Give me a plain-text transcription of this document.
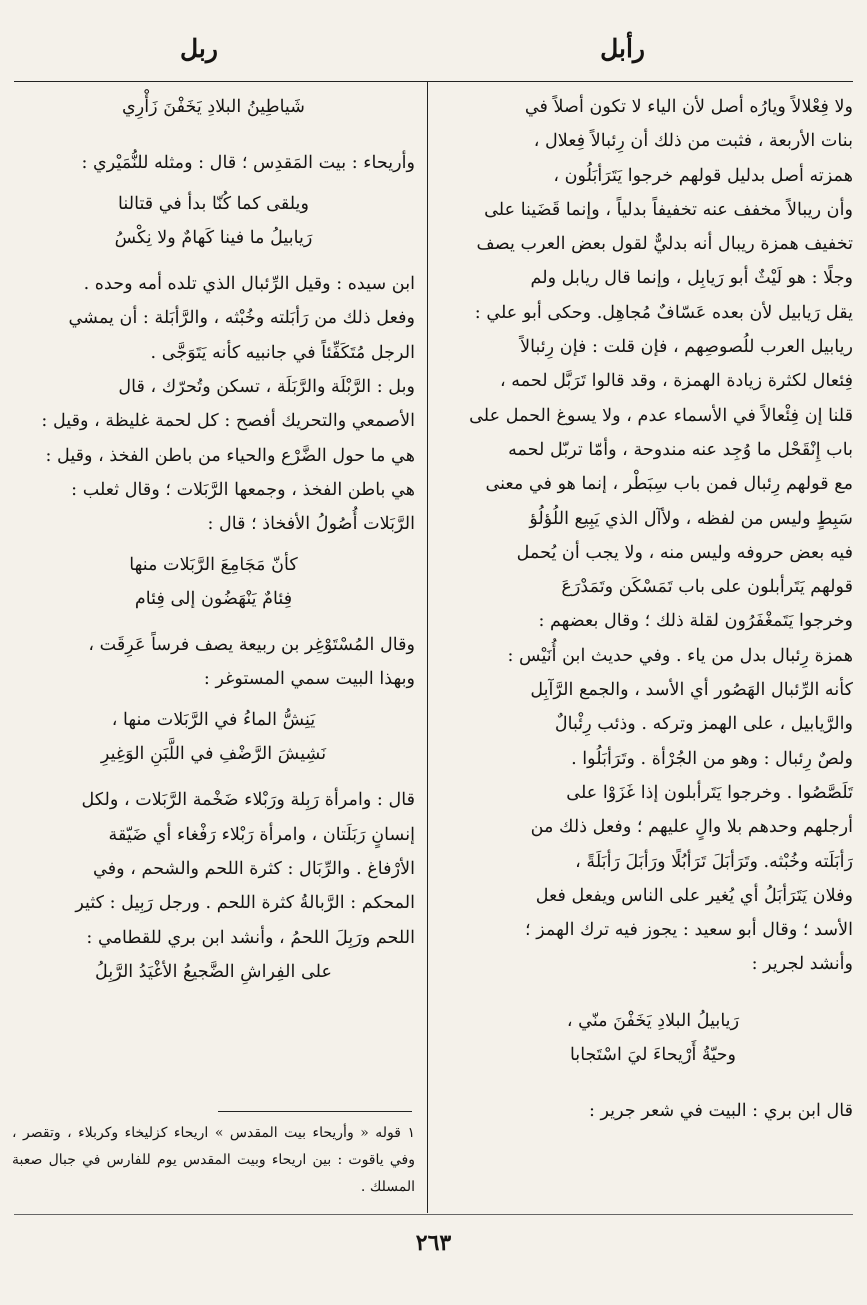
رأبل
ربل

ولا فِعْلالاً ويارُه أصل لأن الياء لا تكون أصلاً في

بنات الأربعة ، فثبت من ذلك أن رِئبالاً فِعلال ،

همزته أصل بدليل قولهم خرجوا يَتَرَأبَلُون ،

وأن ريبالاً مخفف عنه تخفيفاً بدلياً ، وإنما قَضَينا على

تخفيف همزة ريبال أنه بدليٌّ لقول بعض العرب يصف

وجلًا : هو لَيْثٌ أبو رَيابِل ، وإنما قال ريابل ولم

يقل رَيابيل لأن بعده عَسّافٌ مُجاهِل. وحكى أبو علي :

ريابيل العرب للُصوصِهم ، فإن قلت : فإن رِئبالاً

فِئعال لكثرة زيادة الهمزة ، وقد قالوا تَرَبَّل لحمه ،

قلنا إن فِئْعالاً في الأسماء عدم ، ولا يسوغ الحمل على

باب إِنْقَحْل ما وُجِد عنه مندوحة ، وأمّا تربّل لحمه

مع قولهم رِئبال فمن باب سِبَطْر ، إنما هو في معنى

سَبِطٍ وليس من لفظه ، ولأآل الذي يَبِيع اللُؤلُؤ

فيه بعض حروفه وليس منه ، ولا يجب أن يُحمل

قولهم يَتَرأبلون على باب تَمَسْكَن وتَمَدْرَعَ

وخرجوا يَتَمغْفَرُون لقلة ذلك ؛ وقال بعضهم :

همزة رِئبال بدل من ياء . وفي حديث ابن أُنَيْس :

كأنه الرِّئبال الهَصُور أي الأسد ، والجمع الرَّآبِل

والرَّيابيل ، على الهمز وتركه . وذئب رِئْبالٌ

ولصٌ رِئبال : وهو من الجُرْأة . وتَرَأبَلُوا .

تَلَصَّصُوا . وخرجوا يَتَرأبلون إذا غَزَوْا على

أرجلهم وحدهم بلا والٍ عليهم ؛ وفعل ذلك من

رَأبَلَته وخُبْثه. وتَرَأبَلَ تَرَأبُلًا ورَأبَلَ رَأبَلَةً ،

وفلان يَتَرَأبَلُ أي يُغير على الناس ويفعل فعل

الأسد ؛ وقال أبو سعيد : يجوز فيه ترك الهمز ؛

وأنشد لجرير :

رَيابيلُ البلادِ يَخَفْنَ منّي ،

وحيّةُ أَرْيحاءَ ليَ اسْتَجابا

قال ابن بري : البيت في شعر جرير :

شَياطِينُ البلادِ يَخَفْنَ زَأْرِي

وأريحاء : بيت المَقدِس ؛ قال : ومثله للنُّمَيْري :

ويلقى كما كُنّا بدأ في قتالنا

رَيابيلُ ما فينا كَهامٌ ولا نِكْسُ

ابن سيده : وقيل الرِّئبال الذي تلده أمه وحده .

وفعل ذلك من رَأبَلته وخُبْثه ، والرَّأبَلة : أن يمشي

الرجل مُتَكَفِّئاً في جانبيه كأنه يَتَوَجَّى .

وبل : الرَّبْلَة والرَّبَلَة ، تسكن وتُحرّك ، قال

الأصمعي والتحريك أفصح : كل لحمة غليظة ، وقيل :

هي ما حول الضَّرْع والحياء من باطن الفخذ ، وقيل :

هي باطن الفخذ ، وجمعها الرَّبَلات ؛ وقال ثعلب :

الرَّبَلات أُصُولُ الأفخاذ ؛ قال :

كأنّ مَجَامِعَ الرَّبَلات منها

فِئامٌ يَنْهَضُون إلى فِئام

وقال المُسْتَوْغِر بن ربيعة يصف فرساً عَرِقَت ،

وبهذا البيت سمي المستوغر :

يَنِشُّ الماءُ في الرَّبَلات منها ،

نَشِيشَ الرَّضْفِ في اللَّبَنِ الوَغِيرِ

قال : وامرأة رَبِلة ورَبْلاء ضَخْمة الرَّبَلات ، ولكل

إنسانٍ رَبَلَتان ، وامرأة رَبْلاء رَفْغاء أي ضَيّقة

الأرْفاغ . والرِّبَال : كثرة اللحم والشحم ، وفي

المحكم : الرَّبالةُ كثرة اللحم . ورجل رَبِيل : كثير

اللحم ورَبِلَ اللحمُ ، وأنشد ابن بري للقطامي :

على الفِراشِ الضَّجيعُ الأغْيَدُ الرَّبِلُ

١ قوله « وأريحاء بيت المقدس » اريحاء كزليخاء وكربلاء ، وتقصر ، وفي ياقوت : بين اريحاء وبيت المقدس يوم للفارس في جبال صعبة المسلك .
٢٦٣
